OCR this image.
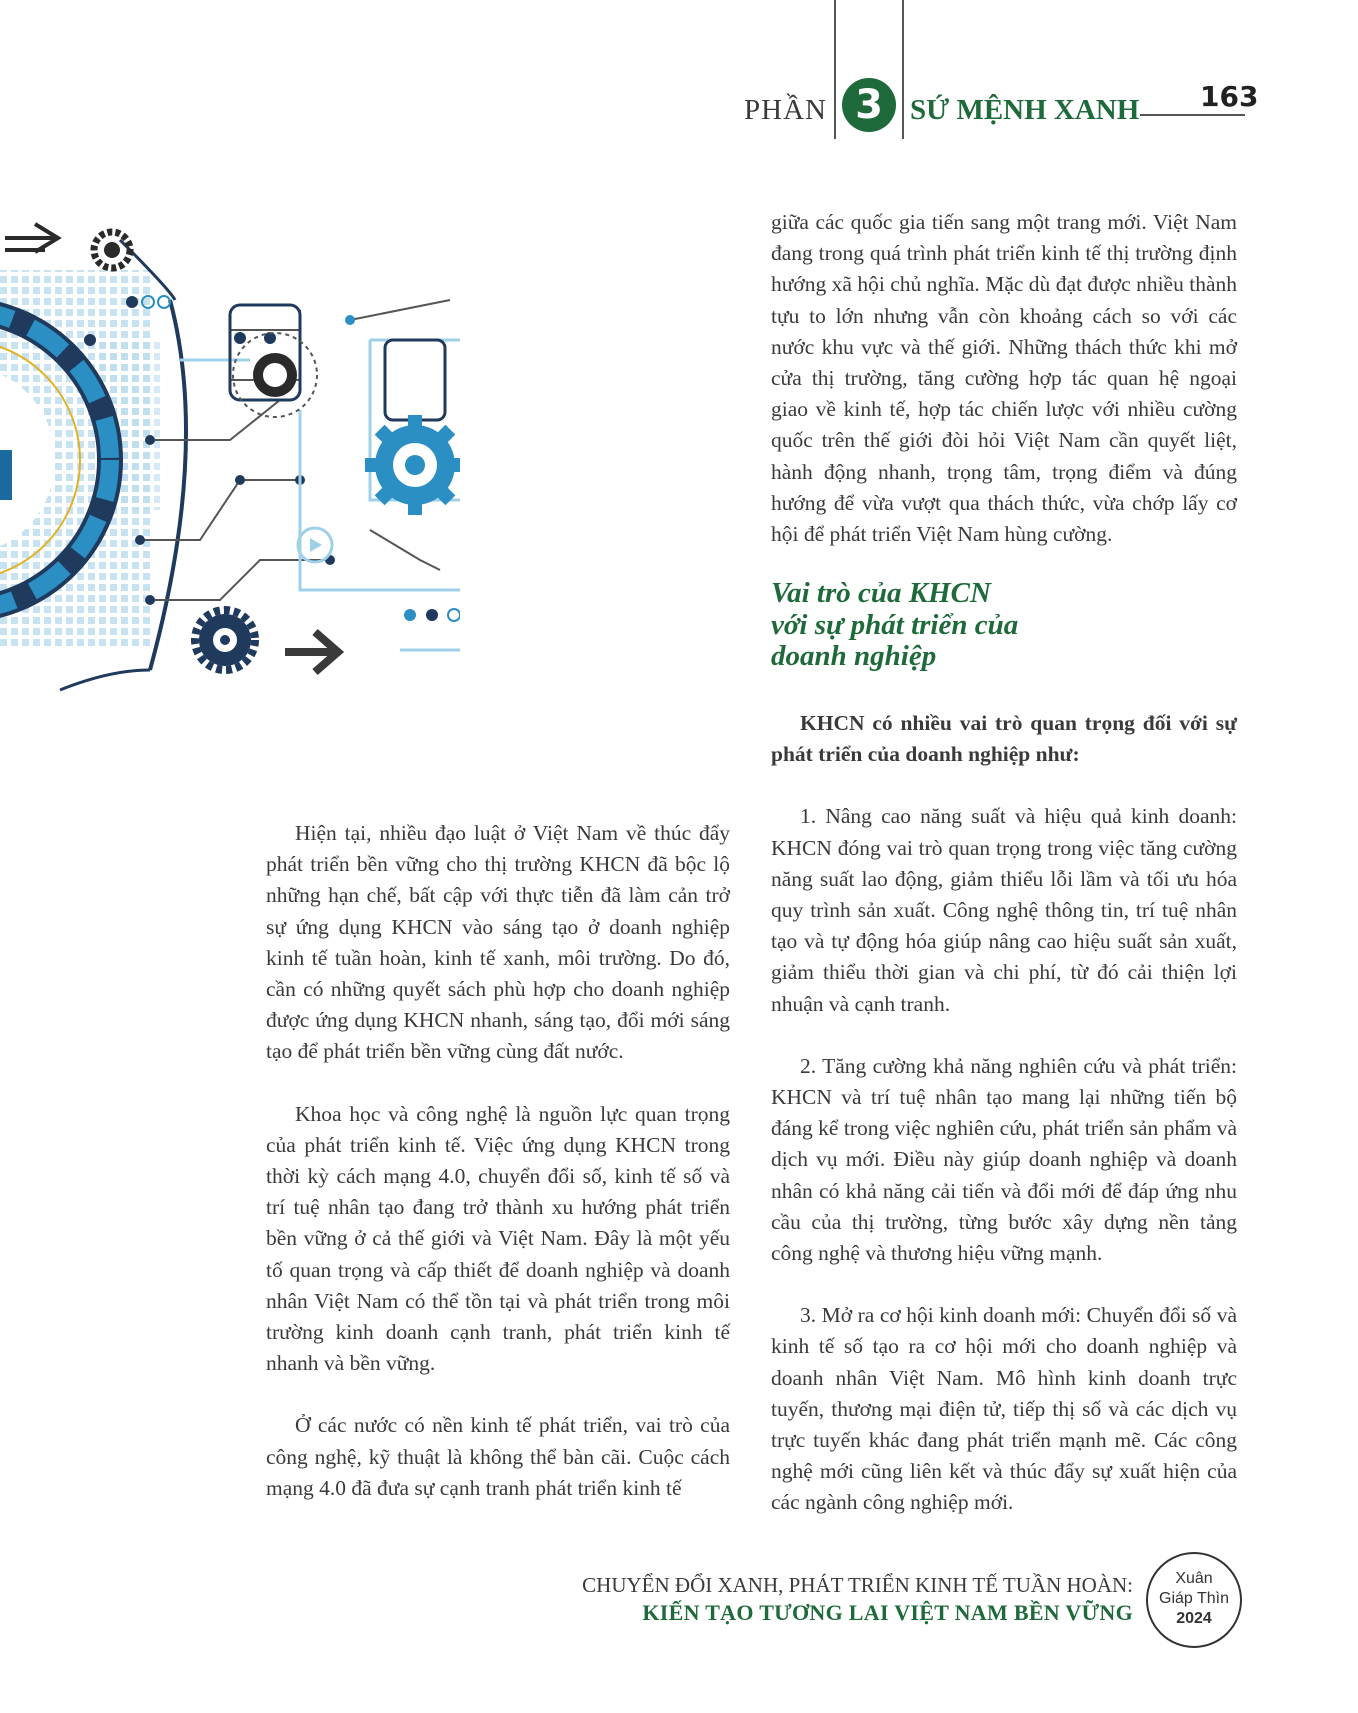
PHẦN 3 SỨ MỆNH XANH 163

giữa các quốc gia tiến sang một trang mới. Việt Nam đang trong quá trình phát triển kinh tế thị trường định hướng xã hội chủ nghĩa. Mặc dù đạt được nhiều thành tựu to lớn nhưng vẫn còn khoảng cách so với các nước khu vực và thế giới. Những thách thức khi mở cửa thị trường, tăng cường hợp tác quan hệ ngoại giao về kinh tế, hợp tác chiến lược với nhiều cường quốc trên thế giới đòi hỏi Việt Nam cần quyết liệt, hành động nhanh, trọng tâm, trọng điểm và đúng hướng để vừa vượt qua thách thức, vừa chớp lấy cơ hội để phát triển Việt Nam hùng cường.

Vai trò của KHCN
với sự phát triển của
doanh nghiệp

KHCN có nhiều vai trò quan trọng đối với sự phát triển của doanh nghiệp như:

1. Nâng cao năng suất và hiệu quả kinh doanh: KHCN đóng vai trò quan trọng trong việc tăng cường năng suất lao động, giảm thiểu lỗi lầm và tối ưu hóa quy trình sản xuất. Công nghệ thông tin, trí tuệ nhân tạo và tự động hóa giúp nâng cao hiệu suất sản xuất, giảm thiểu thời gian và chi phí, từ đó cải thiện lợi nhuận và cạnh tranh.

2. Tăng cường khả năng nghiên cứu và phát triển: KHCN và trí tuệ nhân tạo mang lại những tiến bộ đáng kể trong việc nghiên cứu, phát triển sản phẩm và dịch vụ mới. Điều này giúp doanh nghiệp và doanh nhân có khả năng cải tiến và đổi mới để đáp ứng nhu cầu của thị trường, từng bước xây dựng nền tảng công nghệ và thương hiệu vững mạnh.

3. Mở ra cơ hội kinh doanh mới: Chuyển đổi số và kinh tế số tạo ra cơ hội mới cho doanh nghiệp và doanh nhân Việt Nam. Mô hình kinh doanh trực tuyến, thương mại điện tử, tiếp thị số và các dịch vụ trực tuyến khác đang phát triển mạnh mẽ. Các công nghệ mới cũng liên kết và thúc đẩy sự xuất hiện của các ngành công nghiệp mới.

Hiện tại, nhiều đạo luật ở Việt Nam về thúc đẩy phát triển bền vững cho thị trường KHCN đã bộc lộ những hạn chế, bất cập với thực tiễn đã làm cản trở sự ứng dụng KHCN vào sáng tạo ở doanh nghiệp kinh tế tuần hoàn, kinh tế xanh, môi trường. Do đó, cần có những quyết sách phù hợp cho doanh nghiệp được ứng dụng KHCN nhanh, sáng tạo, đổi mới sáng tạo để phát triển bền vững cùng đất nước.

Khoa học và công nghệ là nguồn lực quan trọng của phát triển kinh tế. Việc ứng dụng KHCN trong thời kỳ cách mạng 4.0, chuyển đổi số, kinh tế số và trí tuệ nhân tạo đang trở thành xu hướng phát triển bền vững ở cả thế giới và Việt Nam. Đây là một yếu tố quan trọng và cấp thiết để doanh nghiệp và doanh nhân Việt Nam có thể tồn tại và phát triển trong môi trường kinh doanh cạnh tranh, phát triển kinh tế nhanh và bền vững.

Ở các nước có nền kinh tế phát triển, vai trò của công nghệ, kỹ thuật là không thể bàn cãi. Cuộc cách mạng 4.0 đã đưa sự cạnh tranh phát triển kinh tế

CHUYỂN ĐỔI XANH, PHÁT TRIỂN KINH TẾ TUẦN HOÀN:
KIẾN TẠO TƯƠNG LAI VIỆT NAM BỀN VỮNG
Xuân
Giáp Thìn
2024
